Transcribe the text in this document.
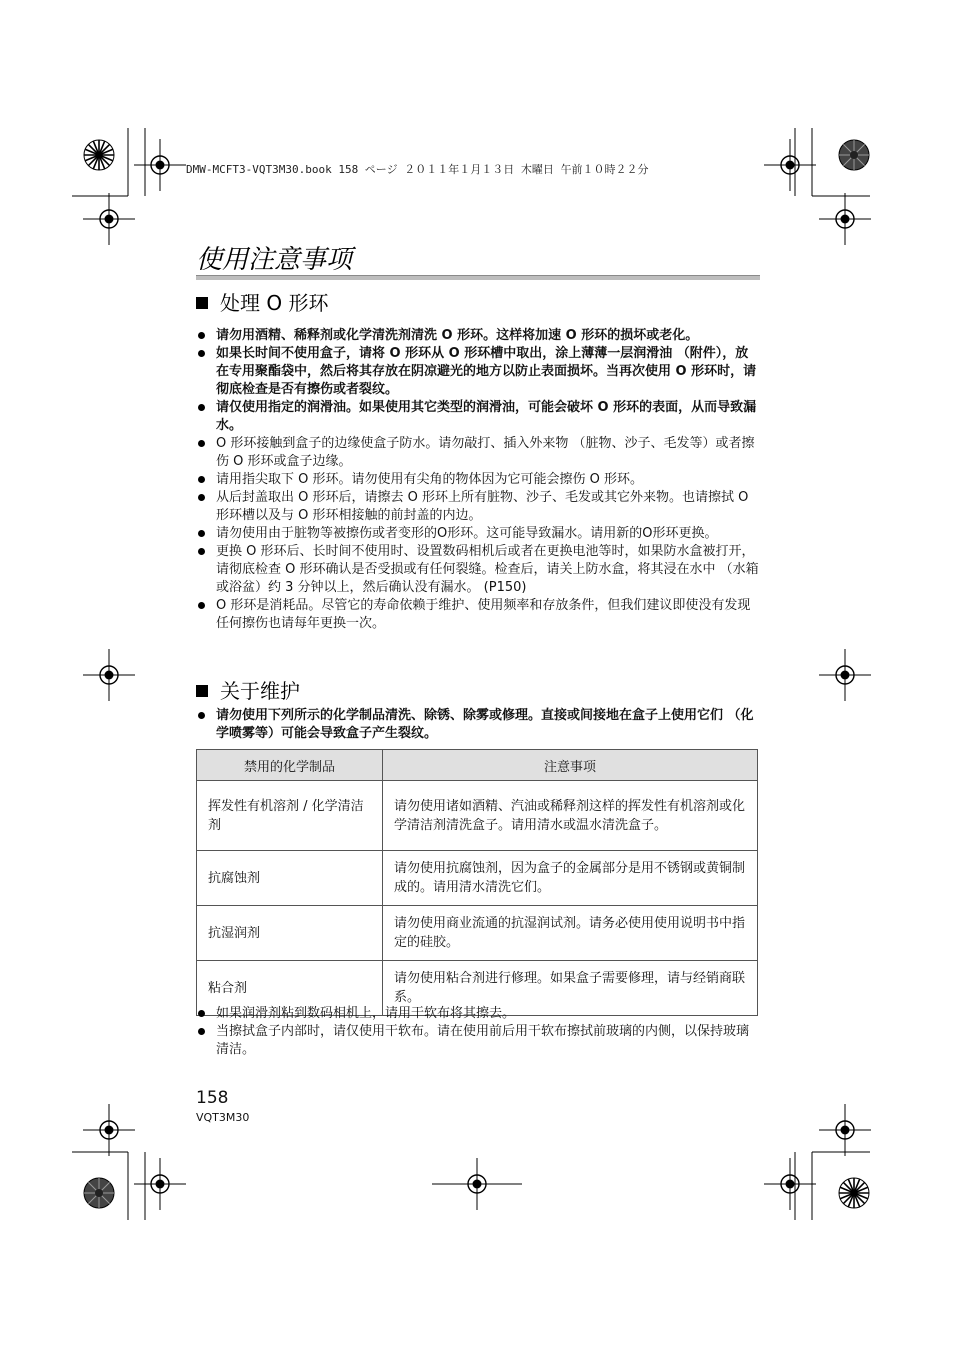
DMW-MCFT3-VQT3M30.book 158 ページ ２０１１年１月１３日 木曜日 午前１０時２２分
使用注意事项
处理 O 形环
请勿用酒精、稀释剂或化学清洗剂清洗 O 形环。这样将加速 O 形环的损坏或老化。
如果长时间不使用盒子，请将 O 形环从 O 形环槽中取出，涂上薄薄一层润滑油 （附件），放在专用聚酯袋中，然后将其存放在阴凉避光的地方以防止表面损坏。当再次使用 O 形环时，请彻底检查是否有擦伤或者裂纹。
请仅使用指定的润滑油。如果使用其它类型的润滑油，可能会破坏 O 形环的表面，从而导致漏水。
O 形环接触到盒子的边缘使盒子防水。请勿敲打、插入外来物 （脏物、沙子、毛发等）或者擦伤 O 形环或盒子边缘。
请用指尖取下 O 形环。请勿使用有尖角的物体因为它可能会擦伤 O 形环。
从后封盖取出 O 形环后，请擦去 O 形环上所有脏物、沙子、毛发或其它外来物。也请擦拭 O 形环槽以及与 O 形环相接触的前封盖的内边。
请勿使用由于脏物等被擦伤或者变形的O形环。这可能导致漏水。请用新的O形环更换。
更换 O 形环后、长时间不使用时、设置数码相机后或者在更换电池等时，如果防水盒被打开，请彻底检查 O 形环确认是否受损或有任何裂缝。检查后，请关上防水盒，将其浸在水中 （水箱或浴盆）约 3 分钟以上，然后确认没有漏水。 (P150)
O 形环是消耗品。尽管它的寿命依赖于维护、使用频率和存放条件，但我们建议即使没有发现任何擦伤也请每年更换一次。
关于维护
请勿使用下列所示的化学制品清洗、除锈、除雾或修理。直接或间接地在盒子上使用它们 （化学喷雾等）可能会导致盒子产生裂纹。
禁用的化学制品	注意事项
挥发性有机溶剂 / 化学清洁剂	请勿使用诸如酒精、汽油或稀释剂这样的挥发性有机溶剂或化学清洁剂清洗盒子。请用清水或温水清洗盒子。
抗腐蚀剂	请勿使用抗腐蚀剂，因为盒子的金属部分是用不锈钢或黄铜制成的。请用清水清洗它们。
抗湿润剂	请勿使用商业流通的抗湿润试剂。请务必使用使用说明书中指定的硅胶。
粘合剂	请勿使用粘合剂进行修理。如果盒子需要修理，请与经销商联系。
如果润滑剂粘到数码相机上，请用干软布将其擦去。
当擦拭盒子内部时，请仅使用干软布。请在使用前后用干软布擦拭前玻璃的内侧，以保持玻璃清洁。
158
VQT3M30
